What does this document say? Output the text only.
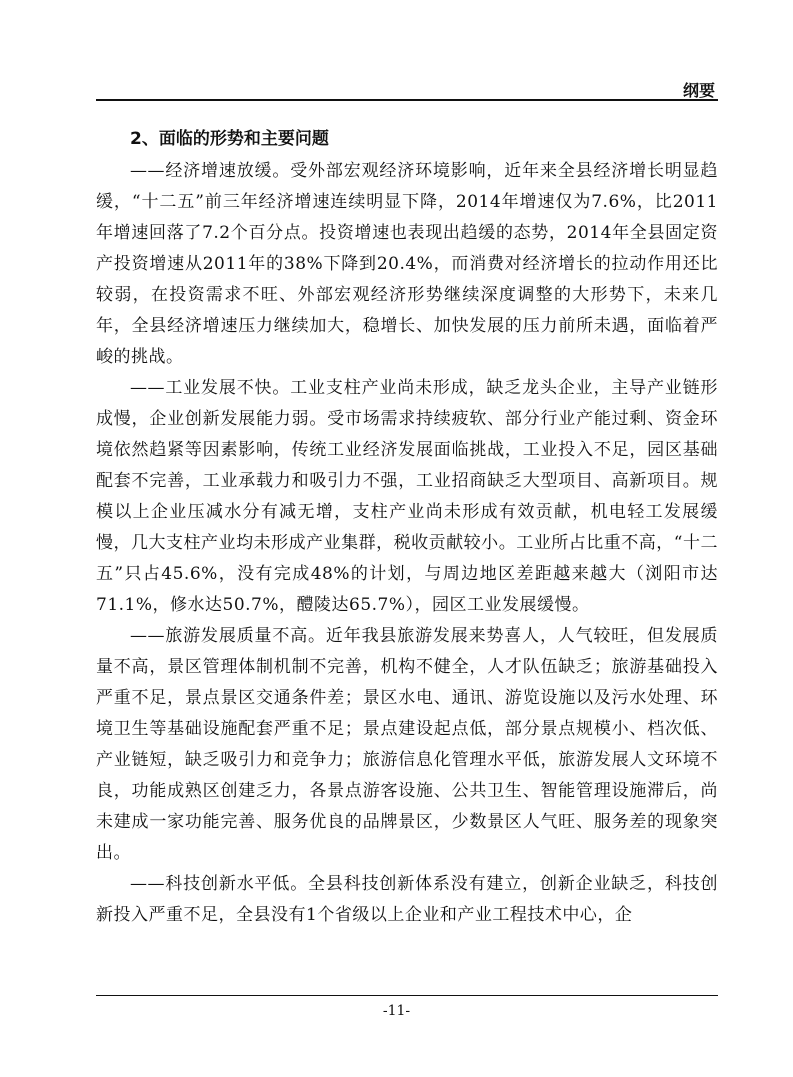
纲要
2、面临的形势和主要问题

——经济增速放缓。受外部宏观经济环境影响，近年来全县经济增长明显趋缓，“十二五”前三年经济增速连续明显下降，2014年增速仅为7.6%，比2011年增速回落了7.2个百分点。投资增速也表现出趋缓的态势，2014年全县固定资产投资增速从2011年的38%下降到20.4%，而消费对经济增长的拉动作用还比较弱，在投资需求不旺、外部宏观经济形势继续深度调整的大形势下，未来几年，全县经济增速压力继续加大，稳增长、加快发展的压力前所未遇，面临着严峻的挑战。

——工业发展不快。工业支柱产业尚未形成，缺乏龙头企业，主导产业链形成慢，企业创新发展能力弱。受市场需求持续疲软、部分行业产能过剩、资金环境依然趋紧等因素影响，传统工业经济发展面临挑战，工业投入不足，园区基础配套不完善，工业承载力和吸引力不强，工业招商缺乏大型项目、高新项目。规模以上企业压减水分有减无增，支柱产业尚未形成有效贡献，机电轻工发展缓慢，几大支柱产业均未形成产业集群，税收贡献较小。工业所占比重不高，“十二五”只占45.6%，没有完成48%的计划，与周边地区差距越来越大（浏阳市达71.1%，修水达50.7%，醴陵达65.7%），园区工业发展缓慢。

——旅游发展质量不高。近年我县旅游发展来势喜人，人气较旺，但发展质量不高，景区管理体制机制不完善，机构不健全，人才队伍缺乏；旅游基础投入严重不足，景点景区交通条件差；景区水电、通讯、游览设施以及污水处理、环境卫生等基础设施配套严重不足；景点建设起点低，部分景点规模小、档次低、产业链短，缺乏吸引力和竞争力；旅游信息化管理水平低，旅游发展人文环境不良，功能成熟区创建乏力，各景点游客设施、公共卫生、智能管理设施滞后，尚未建成一家功能完善、服务优良的品牌景区，少数景区人气旺、服务差的现象突出。

——科技创新水平低。全县科技创新体系没有建立，创新企业缺乏，科技创新投入严重不足，全县没有1个省级以上企业和产业工程技术中心，企

-11-
